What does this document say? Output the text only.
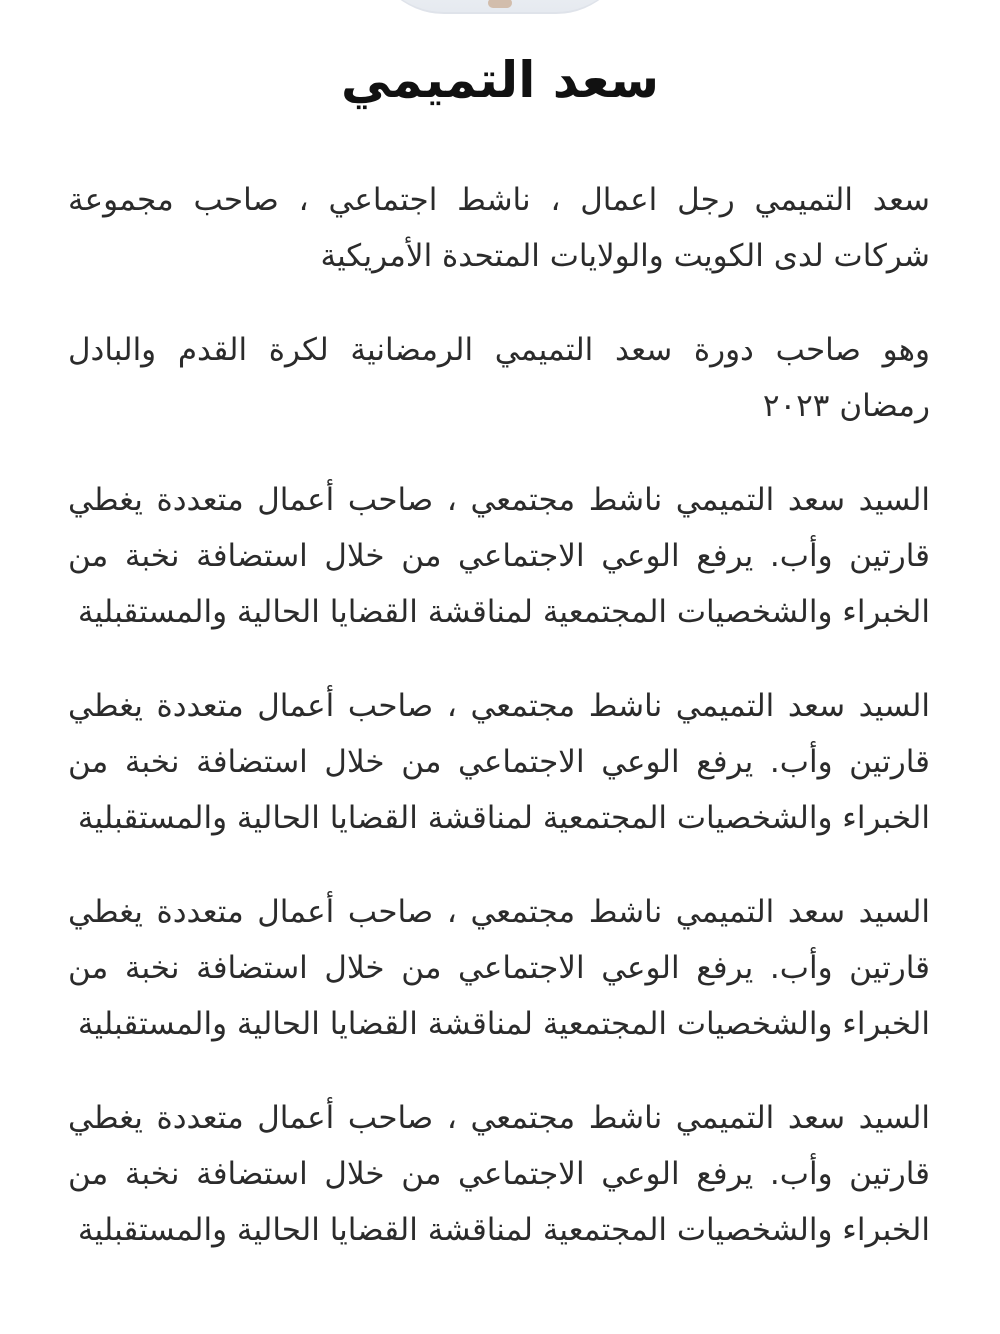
سعد التميمي

سعد التميمي رجل اعمال ، ناشط اجتماعي ، صاحب مجموعة شركات لدى الكويت والولايات المتحدة الأمريكية

وهو صاحب دورة سعد التميمي الرمضانية لكرة القدم والبادل رمضان ٢٠٢٣

السيد سعد التميمي ناشط مجتمعي ، صاحب أعمال متعددة يغطي قارتين وأب. يرفع الوعي الاجتماعي من خلال استضافة نخبة من الخبراء والشخصيات المجتمعية لمناقشة القضايا الحالية والمستقبلية

السيد سعد التميمي ناشط مجتمعي ، صاحب أعمال متعددة يغطي قارتين وأب. يرفع الوعي الاجتماعي من خلال استضافة نخبة من الخبراء والشخصيات المجتمعية لمناقشة القضايا الحالية والمستقبلية

السيد سعد التميمي ناشط مجتمعي ، صاحب أعمال متعددة يغطي قارتين وأب. يرفع الوعي الاجتماعي من خلال استضافة نخبة من الخبراء والشخصيات المجتمعية لمناقشة القضايا الحالية والمستقبلية

السيد سعد التميمي ناشط مجتمعي ، صاحب أعمال متعددة يغطي قارتين وأب. يرفع الوعي الاجتماعي من خلال استضافة نخبة من الخبراء والشخصيات المجتمعية لمناقشة القضايا الحالية والمستقبلية
